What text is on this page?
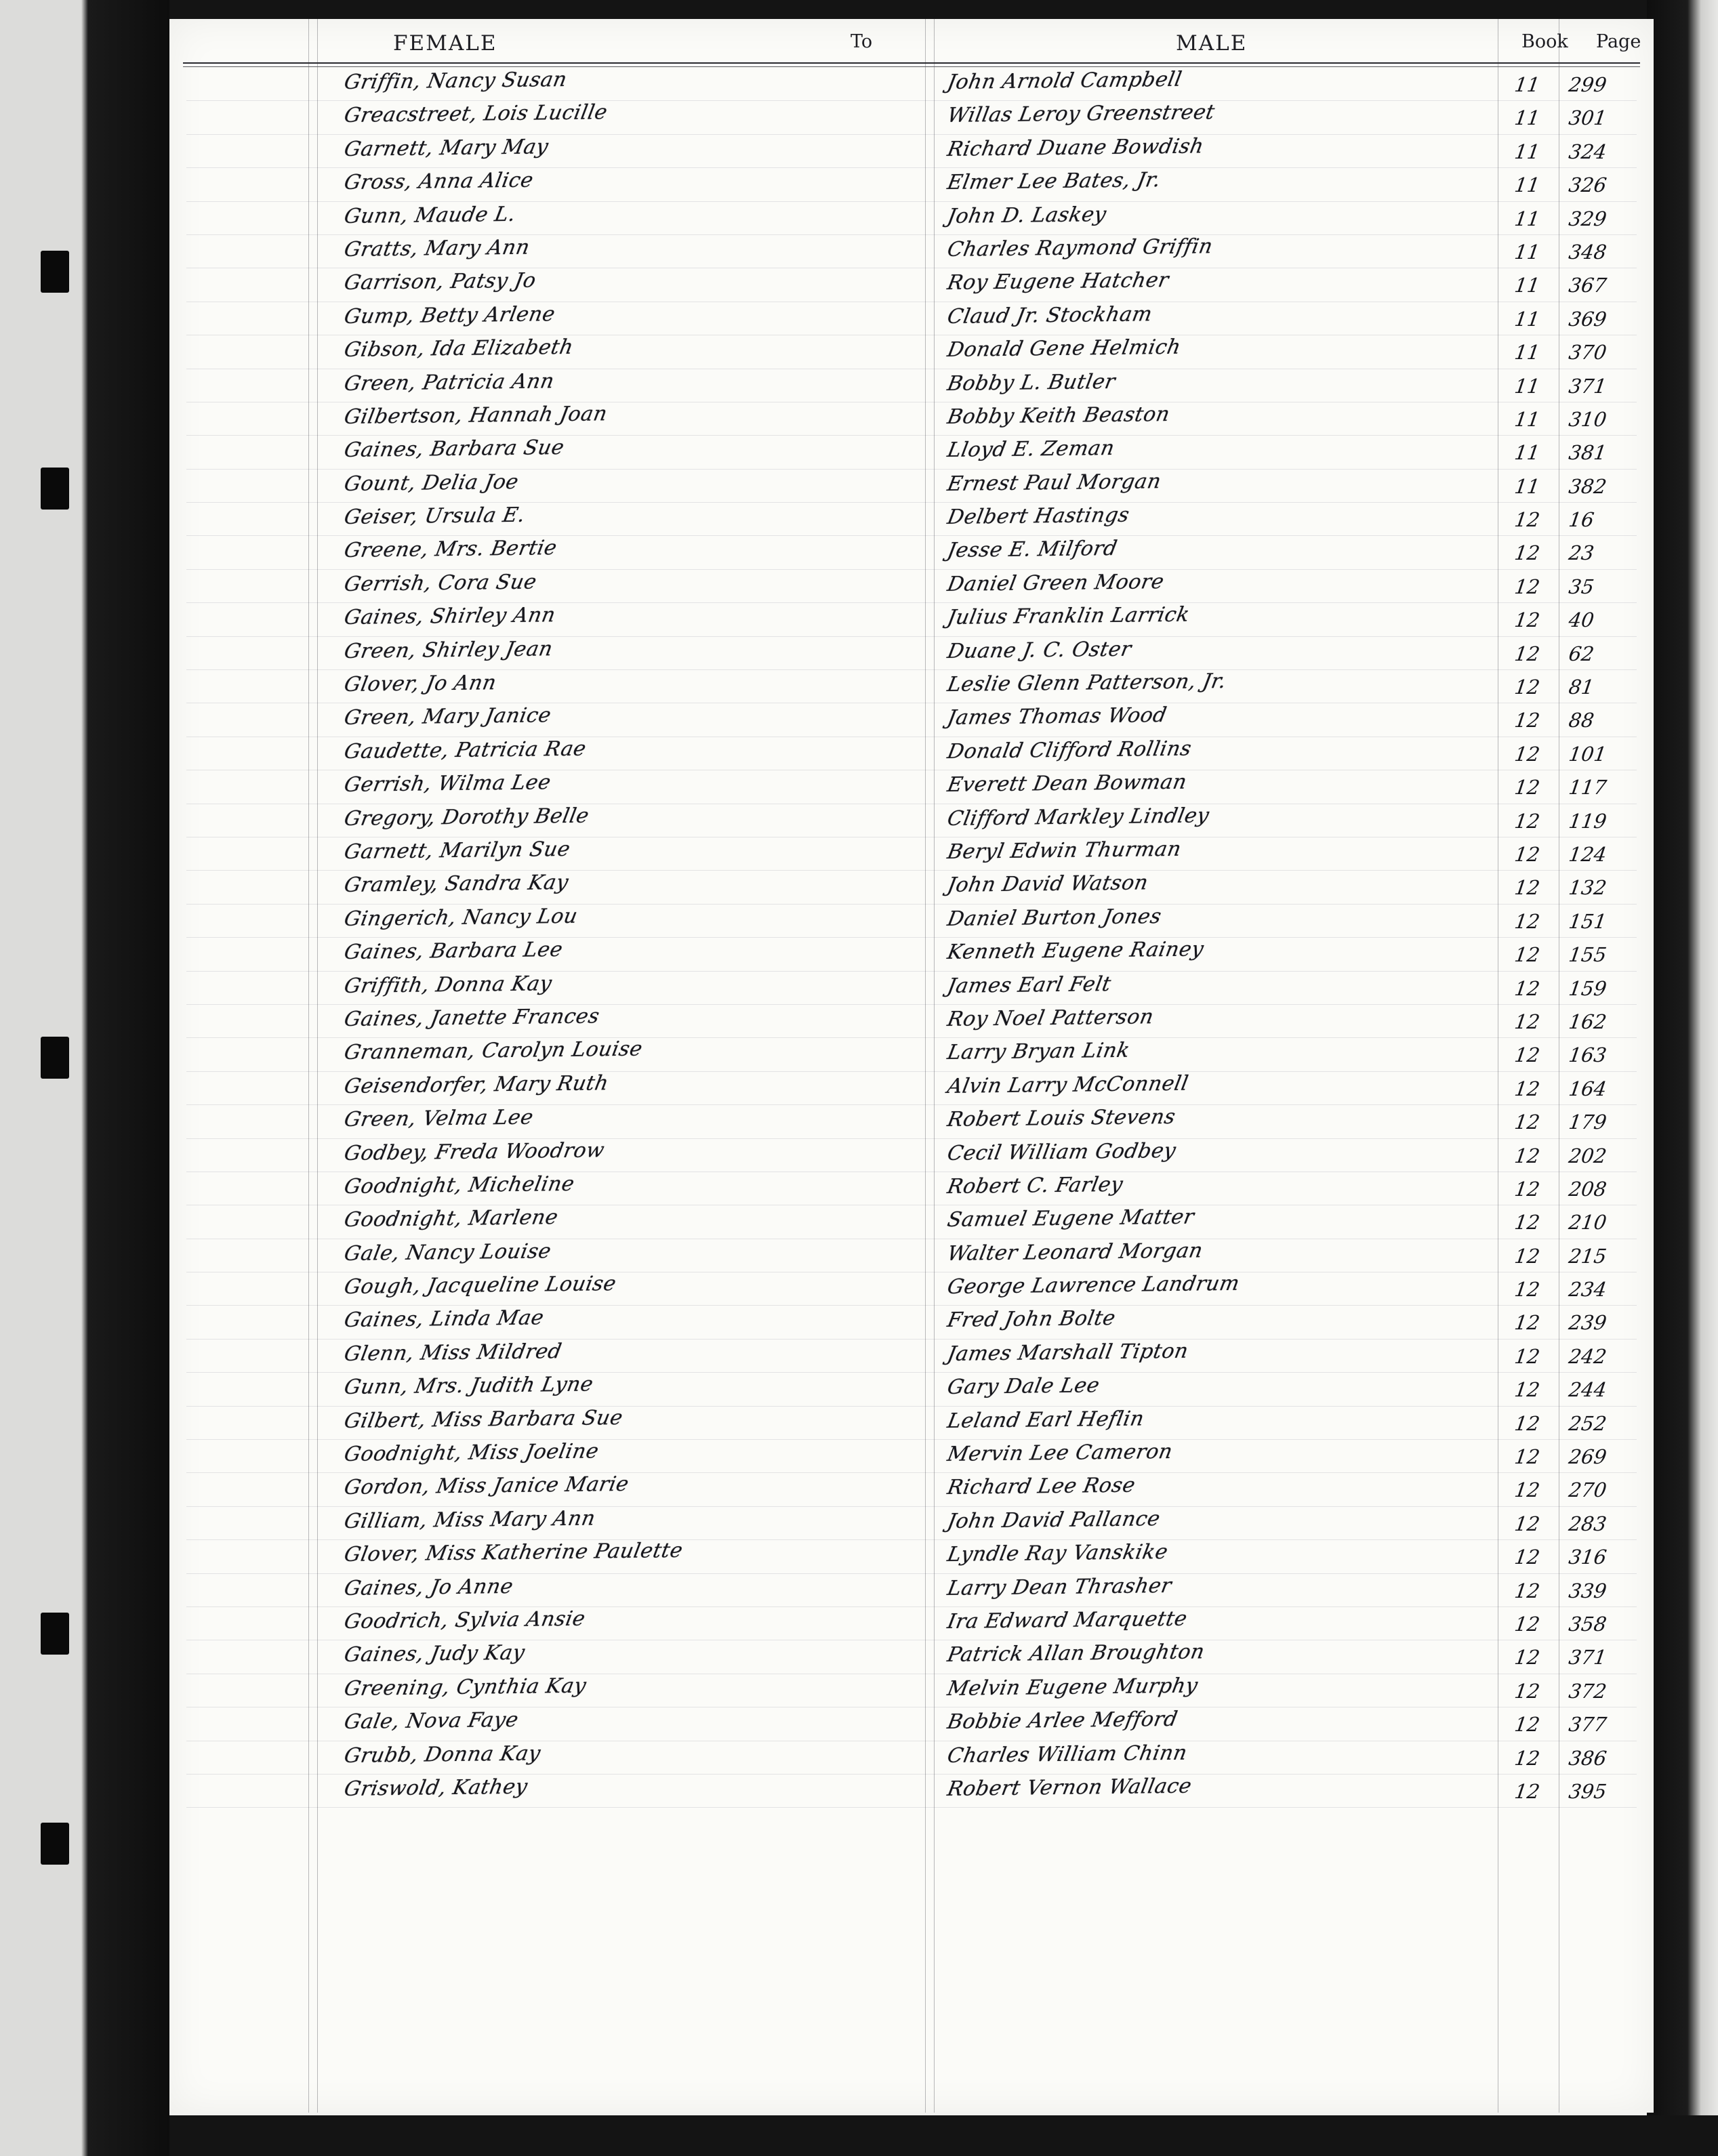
FEMALE	To	MALE	Book Page
Griffin, Nancy Susan	John Arnold Campbell	11 299
Greacstreet, Lois Lucille	Willas Leroy Greenstreet	11 301
Garnett, Mary May	Richard Duane Bowdish	11 324
Gross, Anna Alice	Elmer Lee Bates, Jr.	11 326
Gunn, Maude L.	John D. Laskey	11 329
Gratts, Mary Ann	Charles Raymond Griffin	11 348
Garrison, Patsy Jo	Roy Eugene Hatcher	11 367
Gump, Betty Arlene	Claud Jr. Stockham	11 369
Gibson, Ida Elizabeth	Donald Gene Helmich	11 370
Green, Patricia Ann	Bobby L. Butler	11 371
Gilbertson, Hannah Joan	Bobby Keith Beaston	11 310
Gaines, Barbara Sue	Lloyd E. Zeman	11 381
Gount, Delia Joe	Ernest Paul Morgan	11 382
Geiser, Ursula E.	Delbert Hastings	12 16
Greene, Mrs. Bertie	Jesse E. Milford	12 23
Gerrish, Cora Sue	Daniel Green Moore	12 35
Gaines, Shirley Ann	Julius Franklin Larrick	12 40
Green, Shirley Jean	Duane J. C. Oster	12 62
Glover, Jo Ann	Leslie Glenn Patterson, Jr.	12 81
Green, Mary Janice	James Thomas Wood	12 88
Gaudette, Patricia Rae	Donald Clifford Rollins	12 101
Gerrish, Wilma Lee	Everett Dean Bowman	12 117
Gregory, Dorothy Belle	Clifford Markley Lindley	12 119
Garnett, Marilyn Sue	Beryl Edwin Thurman	12 124
Gramley, Sandra Kay	John David Watson	12 132
Gingerich, Nancy Lou	Daniel Burton Jones	12 151
Gaines, Barbara Lee	Kenneth Eugene Rainey	12 155
Griffith, Donna Kay	James Earl Felt	12 159
Gaines, Janette Frances	Roy Noel Patterson	12 162
Granneman, Carolyn Louise	Larry Bryan Link	12 163
Geisendorfer, Mary Ruth	Alvin Larry McConnell	12 164
Green, Velma Lee	Robert Louis Stevens	12 179
Godbey, Freda Woodrow	Cecil William Godbey	12 202
Goodnight, Micheline	Robert C. Farley	12 208
Goodnight, Marlene	Samuel Eugene Matter	12 210
Gale, Nancy Louise	Walter Leonard Morgan	12 215
Gough, Jacqueline Louise	George Lawrence Landrum	12 234
Gaines, Linda Mae	Fred John Bolte	12 239
Glenn, Miss Mildred	James Marshall Tipton	12 242
Gunn, Mrs. Judith Lyne	Gary Dale Lee	12 244
Gilbert, Miss Barbara Sue	Leland Earl Heflin	12 252
Goodnight, Miss Joeline	Mervin Lee Cameron	12 269
Gordon, Miss Janice Marie	Richard Lee Rose	12 270
Gilliam, Miss Mary Ann	John David Pallance	12 283
Glover, Miss Katherine Paulette	Lyndle Ray Vanskike	12 316
Gaines, Jo Anne	Larry Dean Thrasher	12 339
Goodrich, Sylvia Ansie	Ira Edward Marquette	12 358
Gaines, Judy Kay	Patrick Allan Broughton	12 371
Greening, Cynthia Kay	Melvin Eugene Murphy	12 372
Gale, Nova Faye	Bobbie Arlee Mefford	12 377
Grubb, Donna Kay	Charles William Chinn	12 386
Griswold, Kathey	Robert Vernon Wallace	12 395
